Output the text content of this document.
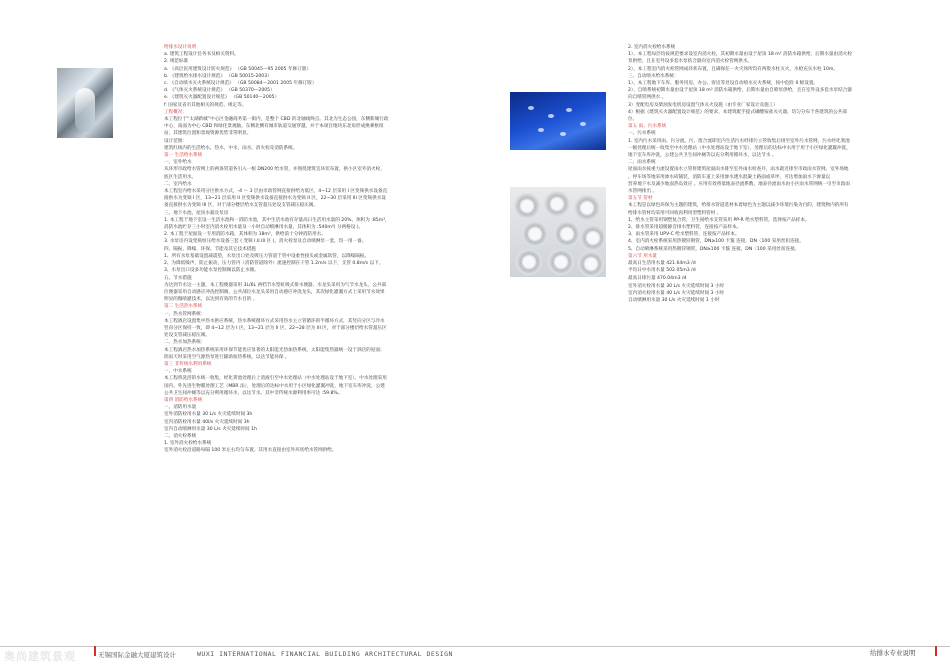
给排水设计说明
a. 建筑工程设计任务书及相关资料。
2. 规范标准
a. 《高层民用建筑设计防火规范》 （GB 50045—95 2005 年修订版）
b. 《建筑给水排水设计规范》 （GB 50015-2003）
c. 《自动喷水灭火系统设计规范》 （GB 50084—2001 2005 年修订版）
d. 《气体灭火系统设计规范》 （GB 50370—2005）
e. 《建筑灭火器配置设计规范》 （GB 50140—2005）
f. 国家及省市其他相关的规范、规定等。
工程概况：
本工程位于“太湖新城”中心区金融商务第一街内，是整个 CBD 的北轴线终点。其北为生态公园，东侧新城行政
中心，南面为中心 CBD 和绿化景观轴。东侧北侧有城市轨道交通穿越，并于本项目地块东北角形成换乘枢纽
站，其建筑位置和景观资源优势非常明显。
设计范围：
建筑红线内的生活给水，热水，中水，雨水，消火栓及消防系统。
第一 生活给水系统
一、室外给水
从环形市政给水管网上的两条管道各引入一根 DN200 给水管，并围绕建筑室环状布置，供小区室外消火栓，
底区生活用水。
二、室内给水
本工程室内给水采用分区供水方式，-4 ～ 3 层由市政管网直接供给为低区，4~12 层采用 I 区变频供水设备直
接供水为变频 I 区，13~21 层采用 II 区变频供水设备直接供水为变频 II 区，22~30 层采用 III 区变频供水设
备直接供水为变频 III 区，对于部分楼层给水支管超压处设支管减压稳压阀。
三、地下水池、屋顶水箱及泵房
1. 本工程于地下室设一生活水池和一消防水池，其中生活水池有存量高日生活用水量的 20%，体积为 :85m³，
消防水池贮存三小时室内消火栓用水量及一小时自动喷淋用水量，其体积为 :540m³( 分两格设 )。
2. 本工程于屋面设一专用消防水箱，其体积为 18m³，供给前十分钟消防用水。
3. 水泵房内设变频恒压给水设备三套 ( 变频 I.II.III 区 )，消火栓泵及自动喷淋泵一套，均一用一备。
四、隔振、降噪、环保、节能及其它技术措施
1、所有水泵基础设置减震垫，水泵出口处及吸压力管道于管中设柔性接头或金属软管，以降噪隔振。
2、为降低噪声，防止振动，压力管内（消防管道除外）流速控制在干管 1.2m/s 以下，支管 0.8m/s 以下。
3、水泵出口设多功能水泵控制阀以防止水锤。
五、节水措施
为达到节水这一主题，本工程便器采用 3L/6L 两档节水型虹吸式排水便器，水龙头采用为气节水龙头，公共部
位便器采用自动感应冲洗控制阀，公共部位水龙头采用自动感应冲洗龙头，其次绿化灌溉方式上采用节水效果
明显的微喷灌技术，以达到有效的节水目的 。
第二 生活热水系统
一、热水管网系统：
本工程酒店设置集中热水供应系统，热水系统循环方式采用热水主立管循环的半循环方式，其竖向分区与冷水
竖向分区保持一致，即 4~12 层为 I 区，13~21 层为 II 区，22~28 层为 III 区，对于部分楼层给水管超压区
处设支管减压稳压阀。
二、热水加热系统：
本工程酒店热水加热系统采用环保节能优应显著的太阳能光热加热系统，太阳能集热器统一设于酒店的屋面；
阴雨天时采用空气源热泵进行辅助加热系统，以达节能环保 。
第三 非传统水利用系统
一、中水系统
本工程将洗浴的水统一收集，经化粪池处理后上清液引至中水处理站（中水处理站设于地下室）。中水处理采用
国内、外先进生物膜处理工艺（MBR 法），处理后的达标中水用于小区绿化灌溉冲洗，地下室车库冲洗，公建
公共卫生间冲厕等以充分利用循环水，以达节水。其中非传统水源利用率可达 :59.8%。
第四 消防给水系统
一、消防用水量
室外消防栓用水量 30 L/s 火灾延续时间 3h
室内消防栓用水量 40l/s 火灾延续时间 3h
室内自动喷淋用水量 30 L/s 火灾延续时间 1h
二、消火栓系统
1. 室外消火栓给水系统
室外消火栓沿道路每隔 100 米左右均匀布置。其用水直接由室外环状给水管网供给。
2. 室内消火栓给水系统
1）、本工程每层均按规范要求设室内消火栓，其初期水量由设于屋顶 18 m³ 消防水箱供给，后期水量由消火栓
泵供给，且在室外设多套水泵结合器向室内消火栓管网供水。
2）、本工程室内消火栓管网成环状布置，且确保任一火灾场所均有两股水柱灭火，水枪充实水柱 10m。
三、自动喷水给水系统：
1）、本工程地下车库、服务用房、办公、客房等处设自动喷水灭火系统，按中危险 II 级设置。
2）、自喷系统初期水量由设于屋顶 18 m³ 消防水箱供给，后期水量由自喷泵供给，且在室外设多套水泵结合器
向自喷管网供水 。
3）变配电房及柴油发电机房设置气体灭火设施（由专业厂家设计及施工）
4）根据《建筑灭火器配置设计规范》的要求，本建筑配手提式磷酸铵盐灭火器，均匀分布于各建筑的公共部
位。
第五 雨、污水系统
一、污水系统
1. 室内污水采用雨、污分流。污、废合流即室内生活污水经排污立管收集后排至室外污水管网，污水经化粪池
一级处理后统一收集至中水处理站（中水处理站设于地下室），处理后的达标中水用于用于小区绿化灌溉冲洗，
地下室车库冲洗，公建公共卫生间冲厕等以充分利用循环水，以达节水 。
二、雨水系统
屋面雨水按重力流设置雨水立管将建筑屋面雨水排至室外雨水检查井，雨水就近排至市政雨水管网。室外场地
，停车场等地采用渗水砖铺装，消防车道上采用渗水透水混凝土路面或草坪，可达增加雨水下渗量以
营养地下水及减少地面热岛效应 。应用有效将低地表径流系数，地表径流雨水由小区雨水管网统一引至市政雨
水管网排出 。
第五节 管材
本工程是以绿色环保为主题的建筑，给排水管道选材本着绿色为主题以减少环境污染为目的，建筑物内的所有
给排水管材均采用可回收再利用型塑料管材 。
1、给水主管采用钢塑复合管，卫生间给水支管采用 PP-R 给水塑料管，选择按产品样本。
2、排水管采用超级静音排水塑料管，连接按产品样本。
3、雨水管采用 UPV-C 给水塑料管，连接按产品样本。
4、室内消火栓系统采用热镀锌钢管，DN≥100 卡箍 连接，DN〈100 采用丝扣连接。
5、自动喷淋系统采用热镀锌钢管，DN≥100 卡箍 连接，DN〈100 采用丝扣连接。
第六节 用水量
最高日生活用水量 421.64m3 /d
平均日中水用水量 502.05m3 /d
最高日排污量 470.04m3 /d
室外消火栓用水量 30 L/s 火灾延续时间 3 小时
室内消火栓用水量 40 L/s 火灾延续时间 3 小时
自动喷淋用水量 30 L/s 火灾延续时间 1 小时
奥尚建筑景观	无锡国际金融大厦建筑设计	WUXI INTERNATIONAL FINANCIAL BUILDING ARCHITECTURAL DESIGN	给排水专业说明
